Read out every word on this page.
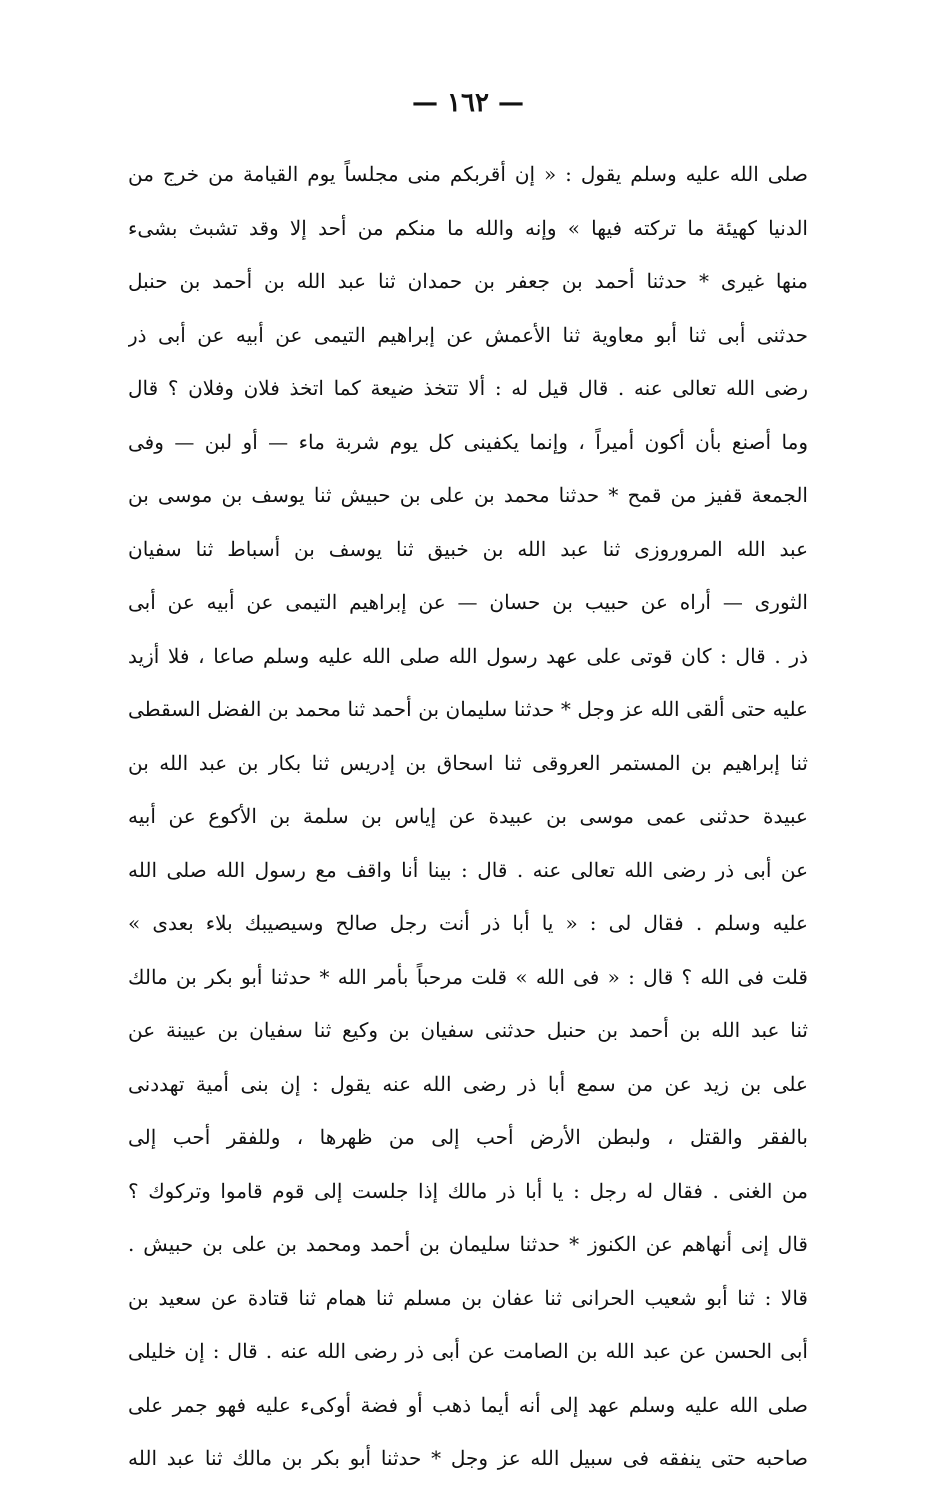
— ١٦٢ —
صلى الله عليه وسلم يقول : « إن أقربكم منى مجلساً يوم القيامة من خرج من
الدنيا كهيئة ما تركته فيها » وإنه والله ما منكم من أحد إلا وقد تشبث بشىء
منها غيرى * حدثنا أحمد بن جعفر بن حمدان ثنا عبد الله بن أحمد بن حنبل
حدثنى أبى ثنا أبو معاوية ثنا الأعمش عن إبراهيم التيمى عن أبيه عن أبى ذر
رضى الله تعالى عنه . قال قيل له : ألا تتخذ ضيعة كما اتخذ فلان وفلان ؟ قال
وما أصنع بأن أكون أميراً ، وإنما يكفينى كل يوم شربة ماء — أو لبن — وفى
الجمعة قفيز من قمح * حدثنا محمد بن على بن حبيش ثنا يوسف بن موسى بن
عبد الله المروروزى ثنا عبد الله بن خبيق ثنا يوسف بن أسباط ثنا سفيان
الثورى — أراه عن حبيب بن حسان — عن إبراهيم التيمى عن أبيه عن أبى
ذر . قال : كان قوتى على عهد رسول الله صلى الله عليه وسلم صاعا ، فلا أزيد
عليه حتى ألقى الله عز وجل * حدثنا سليمان بن أحمد ثنا محمد بن الفضل السقطى
ثنا إبراهيم بن المستمر العروقى ثنا اسحاق بن إدريس ثنا بكار بن عبد الله بن
عبيدة حدثنى عمى موسى بن عبيدة عن إياس بن سلمة بن الأكوع عن أبيه
عن أبى ذر رضى الله تعالى عنه . قال : بينا أنا واقف مع رسول الله صلى الله
عليه وسلم . فقال لى : « يا أبا ذر أنت رجل صالح وسيصيبك بلاء بعدى »
قلت فى الله ؟ قال : « فى الله » قلت مرحباً بأمر الله * حدثنا أبو بكر بن مالك
ثنا عبد الله بن أحمد بن حنبل حدثنى سفيان بن وكيع ثنا سفيان بن عيينة عن
على بن زيد عن من سمع أبا ذر رضى الله عنه يقول : إن بنى أمية تهددنى
بالفقر والقتل ، ولبطن الأرض أحب إلى من ظهرها ، وللفقر أحب إلى
من الغنى . فقال له رجل : يا أبا ذر مالك إذا جلست إلى قوم قاموا وتركوك ؟
قال إنى أنهاهم عن الكنوز * حدثنا سليمان بن أحمد ومحمد بن على بن حبيش .
قالا : ثنا أبو شعيب الحرانى ثنا عفان بن مسلم ثنا همام ثنا قتادة عن سعيد بن
أبى الحسن عن عبد الله بن الصامت عن أبى ذر رضى الله عنه . قال : إن خليلى
صلى الله عليه وسلم عهد إلى أنه أيما ذهب أو فضة أوكىء عليه فهو جمر على
صاحبه حتى ينفقه فى سبيل الله عز وجل * حدثنا أبو بكر بن مالك ثنا عبد الله
